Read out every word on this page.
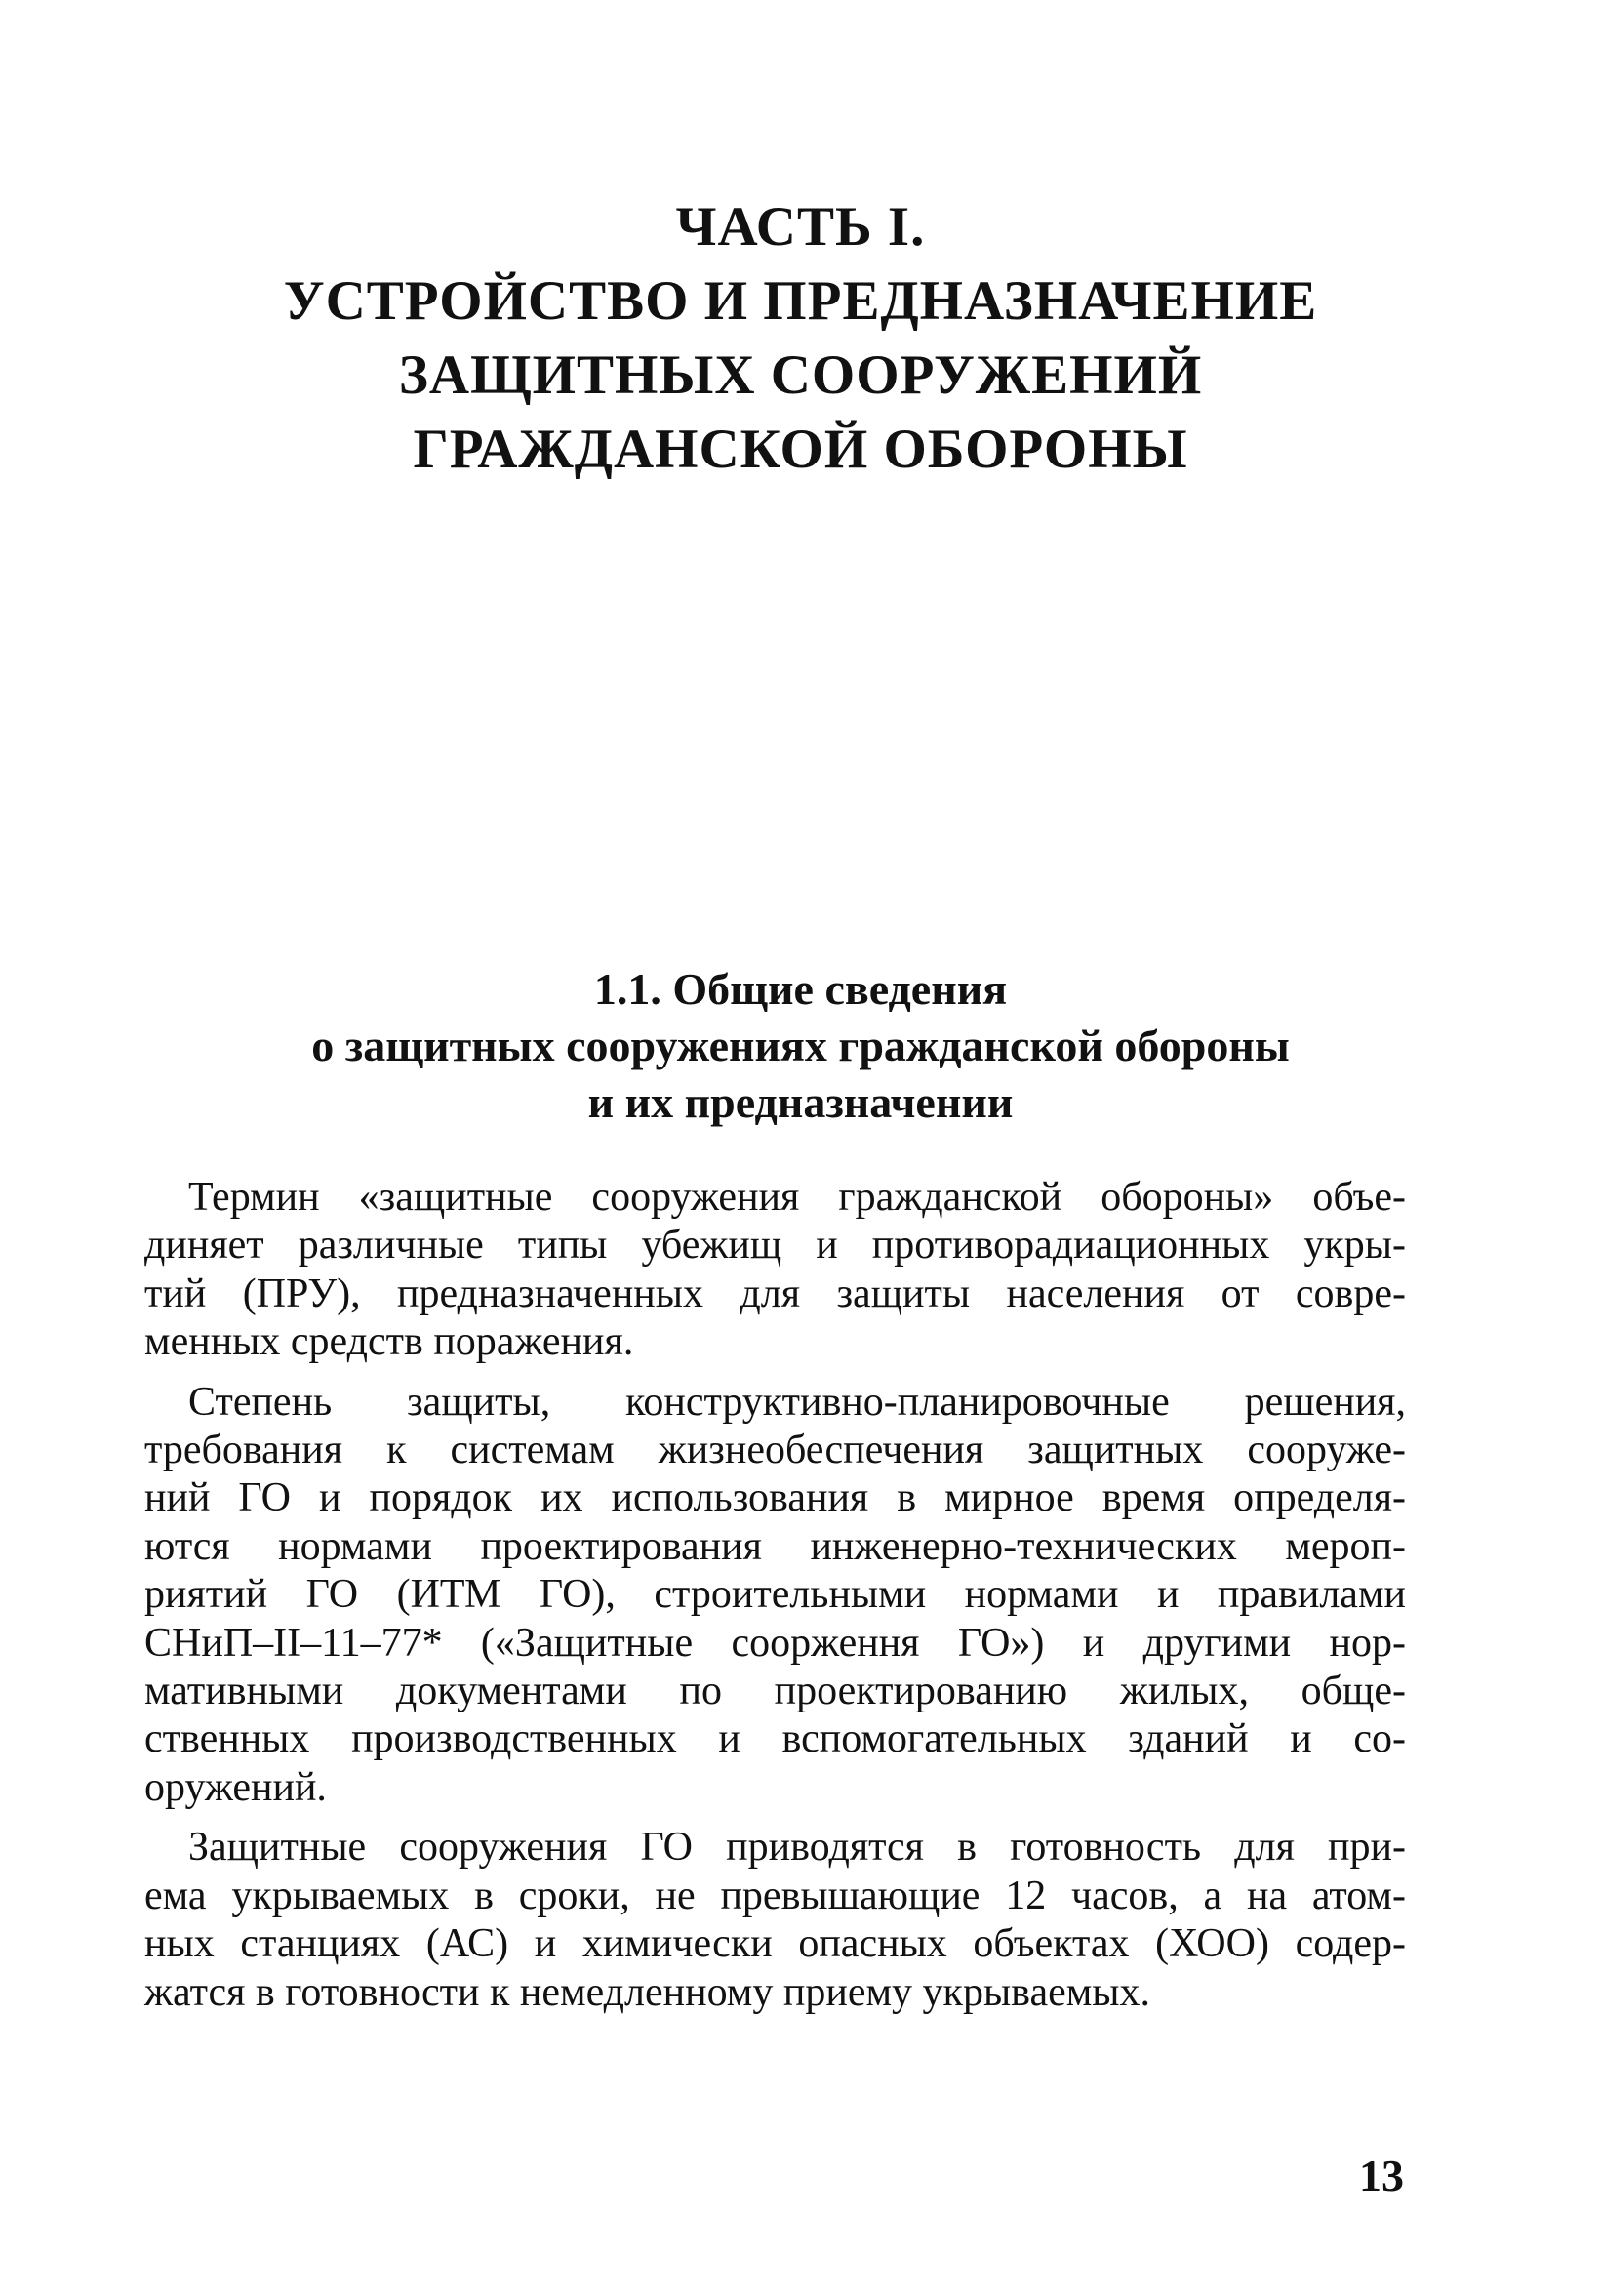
ЧАСТЬ I.
УСТРОЙСТВО И ПРЕДНАЗНАЧЕНИЕ
ЗАЩИТНЫХ СООРУЖЕНИЙ
ГРАЖДАНСКОЙ ОБОРОНЫ
1.1. Общие сведения
о защитных сооружениях гражданской обороны
и их предназначении

Термин «защитные сооружения гражданской обороны» объе-
диняет различные типы убежищ и противорадиационных укры-
тий (ПРУ), предназначенных для защиты населения от совре-
менных средств поражения.

Степень защиты, конструктивно-планировочные решения,
требования к системам жизнеобеспечения защитных сооруже-
ний ГО и порядок их использования в мирное время определя-
ются нормами проектирования инженерно-технических мероп-
риятий ГО (ИТМ ГО), строительными нормами и правилами
СНиП–II–11–77* («Защитные соорження ГО») и другими нор-
мативными документами по проектированию жилых, обще-
ственных производственных и вспомогательных зданий и со-
оружений.

Защитные сооружения ГО приводятся в готовность для при-
ема укрываемых в сроки, не превышающие 12 часов, а на атом-
ных станциях (АС) и химически опасных объектах (ХОО) содер-
жатся в готовности к немедленному приему укрываемых.

13
